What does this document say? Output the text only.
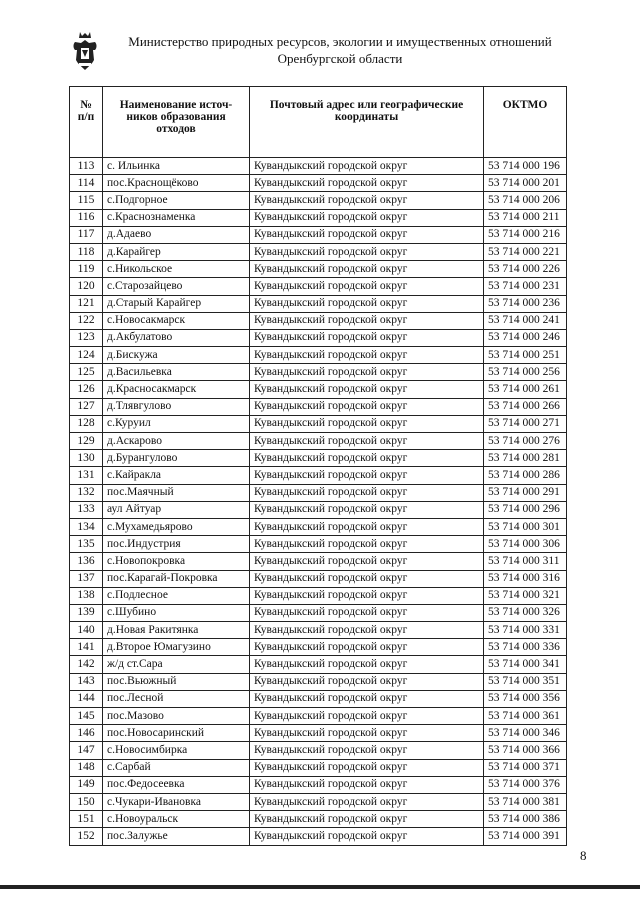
Министерство природных ресурсов, экологии и имущественных отношений
Оренбургской области
№ п/п	Наименование источ-ников образования отходов	Почтовый адрес или географические координаты	ОКТМО
113	с. Ильинка	Кувандыкский городской округ	53 714 000 196
114	пос.Краснощёково	Кувандыкский городской округ	53 714 000 201
115	с.Подгорное	Кувандыкский городской округ	53 714 000 206
116	с.Краснознаменка	Кувандыкский городской округ	53 714 000 211
117	д.Адаево	Кувандыкский городской округ	53 714 000 216
118	д.Карайгер	Кувандыкский городской округ	53 714 000 221
119	с.Никольское	Кувандыкский городской округ	53 714 000 226
120	с.Старозайцево	Кувандыкский городской округ	53 714 000 231
121	д.Старый Карайгер	Кувандыкский городской округ	53 714 000 236
122	с.Новосакмарск	Кувандыкский городской округ	53 714 000 241
123	д.Акбулатово	Кувандыкский городской округ	53 714 000 246
124	д.Бискужа	Кувандыкский городской округ	53 714 000 251
125	д.Васильевка	Кувандыкский городской округ	53 714 000 256
126	д.Красносакмарск	Кувандыкский городской округ	53 714 000 261
127	д.Тлявгулово	Кувандыкский городской округ	53 714 000 266
128	с.Куруил	Кувандыкский городской округ	53 714 000 271
129	д.Аскарово	Кувандыкский городской округ	53 714 000 276
130	д.Бурангулово	Кувандыкский городской округ	53 714 000 281
131	с.Кайракла	Кувандыкский городской округ	53 714 000 286
132	пос.Маячный	Кувандыкский городской округ	53 714 000 291
133	аул Айтуар	Кувандыкский городской округ	53 714 000 296
134	с.Мухамедьярово	Кувандыкский городской округ	53 714 000 301
135	пос.Индустрия	Кувандыкский городской округ	53 714 000 306
136	с.Новопокровка	Кувандыкский городской округ	53 714 000 311
137	пос.Карагай-Покровка	Кувандыкский городской округ	53 714 000 316
138	с.Подлесное	Кувандыкский городской округ	53 714 000 321
139	с.Шубино	Кувандыкский городской округ	53 714 000 326
140	д.Новая Ракитянка	Кувандыкский городской округ	53 714 000 331
141	д.Второе Юмагузино	Кувандыкский городской округ	53 714 000 336
142	ж/д ст.Сара	Кувандыкский городской округ	53 714 000 341
143	пос.Вьюжный	Кувандыкский городской округ	53 714 000 351
144	пос.Лесной	Кувандыкский городской округ	53 714 000 356
145	пос.Мазово	Кувандыкский городской округ	53 714 000 361
146	пос.Новосаринский	Кувандыкский городской округ	53 714 000 346
147	с.Новосимбирка	Кувандыкский городской округ	53 714 000 366
148	с.Сарбай	Кувандыкский городской округ	53 714 000 371
149	пос.Федосеевка	Кувандыкский городской округ	53 714 000 376
150	с.Чукари-Ивановка	Кувандыкский городской округ	53 714 000 381
151	с.Новоуральск	Кувандыкский городской округ	53 714 000 386
152	пос.Залужье	Кувандыкский городской округ	53 714 000 391
8
